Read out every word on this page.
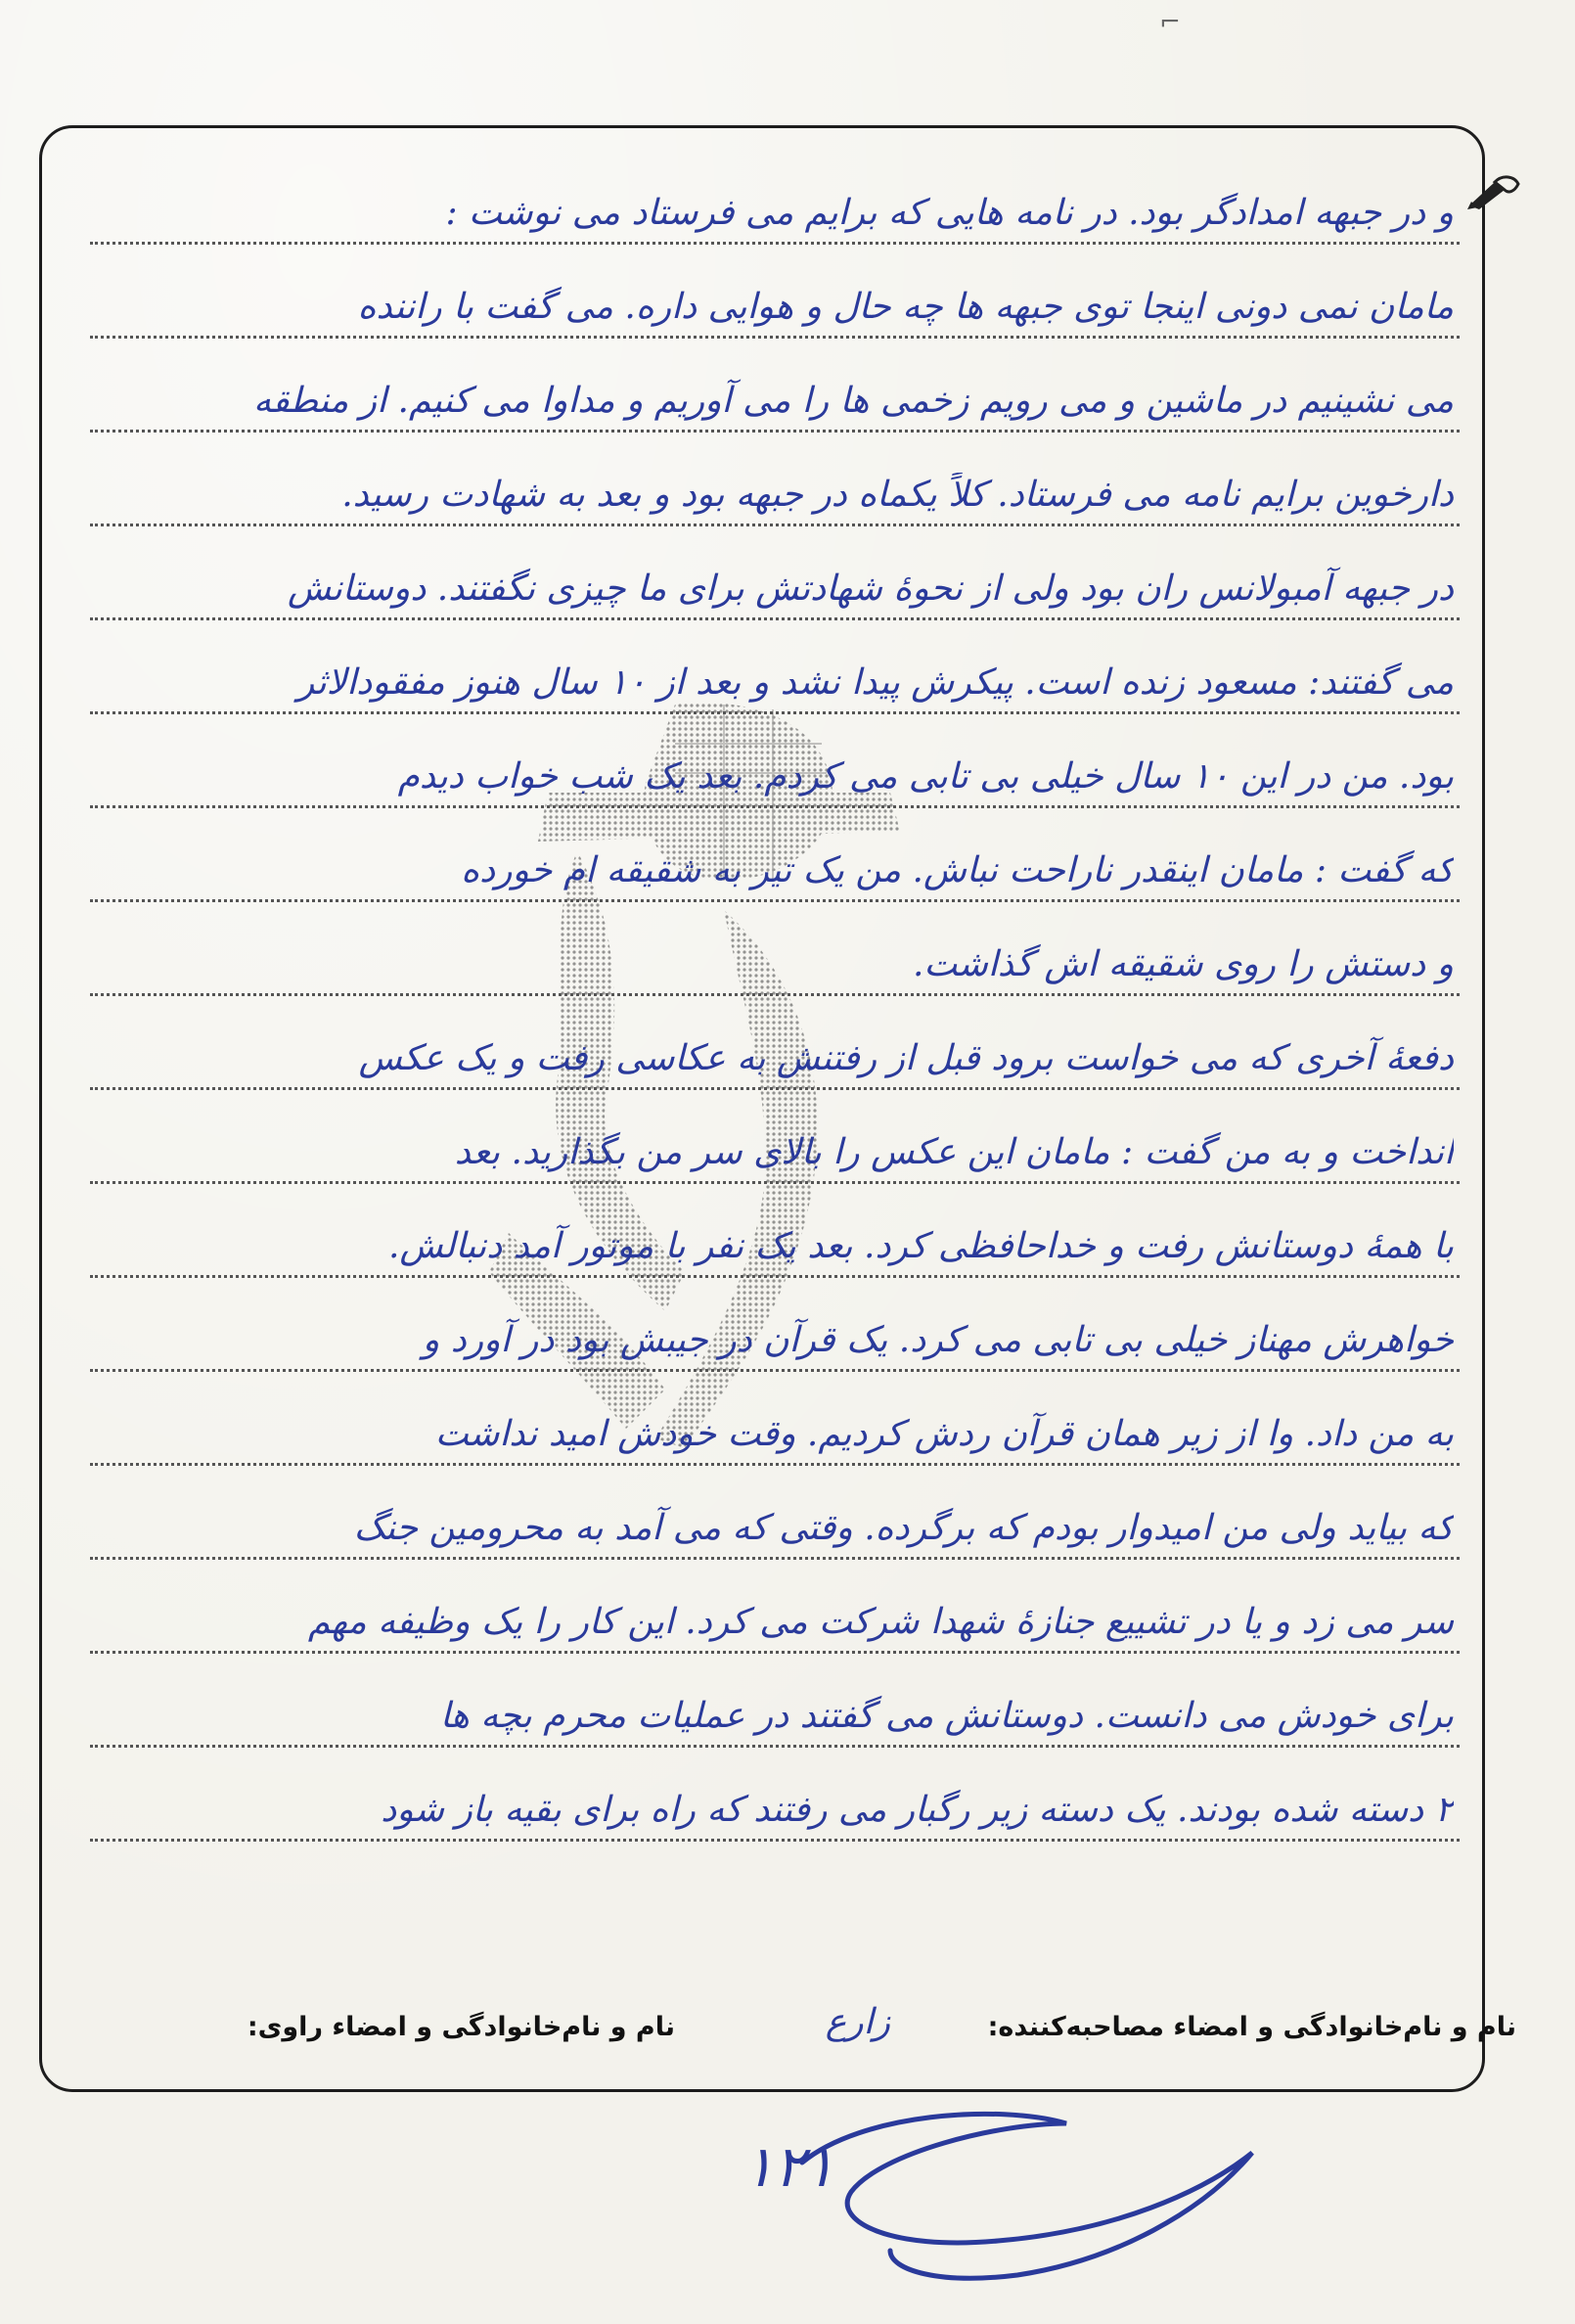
⌐
و در جبهه امدادگر بود. در نامه هایی که برایم می فرستاد می نوشت :
مامان نمی دونی اینجا توی جبهه ها چه حال و هوایی داره. می گفت با راننده
می نشینیم در ماشین و می رویم زخمی ها را می آوریم و مداوا می کنیم. از منطقه
دارخوین برایم نامه می فرستاد. کلاً یکماه در جبهه بود و بعد به شهادت رسید.
در جبهه آمبولانس ران بود ولی از نحوهٔ شهادتش برای ما چیزی نگفتند. دوستانش
می گفتند: مسعود زنده است. پیکرش پیدا نشد و بعد از ۱۰ سال هنوز مفقودالاثر
بود. من در این ۱۰ سال خیلی بی تابی می کردم. بعد یک شب خواب دیدم
که گفت : مامان اینقدر ناراحت نباش. من یک تیر به شقیقه ام خورده
و دستش را روی شقیقه اش گذاشت.
دفعهٔ آخری که می خواست برود قبل از رفتنش به عکاسی رفت و یک عکس
انداخت و به من گفت : مامان این عکس را بالای سر من بگذارید. بعد
با همهٔ دوستانش رفت و خداحافظی کرد. بعد یک نفر با موتور آمد دنبالش.
خواهرش مهناز خیلی بی تابی می کرد. یک قرآن در جیبش بود در آورد و
به من داد. وا از زیر همان قرآن ردش کردیم. وقت خودش امید نداشت
که بیاید ولی من امیدوار بودم که برگرده. وقتی که می آمد به محرومین جنگ
سر می زد و یا در تشییع جنازهٔ شهدا شرکت می کرد. این کار را یک وظیفه مهم
برای خودش می دانست. دوستانش می گفتند در عملیات محرم بچه ها
۲ دسته شده بودند. یک دسته زیر رگبار می رفتند که راه برای بقیه باز شود
نام و نام‌خانوادگی و امضاء مصاحبه‌کننده:
زارع
نام و نام‌خانوادگی و امضاء راوی:
۱۲۱
